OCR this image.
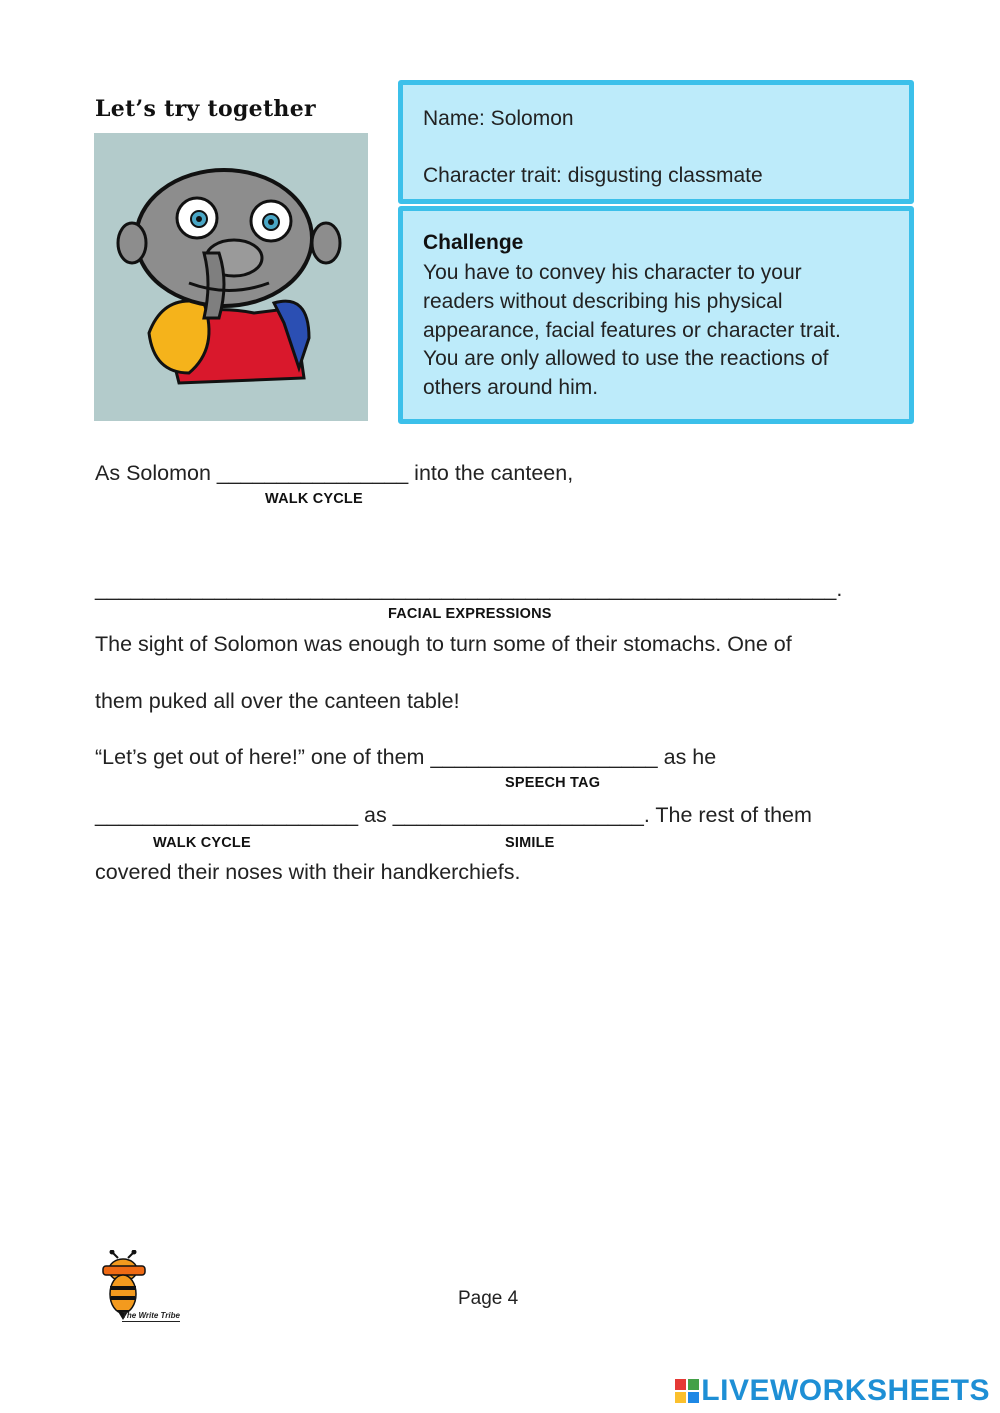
Let’s try together	Name: Solomon
Character trait: disgusting classmate
Challenge
You have to convey his character to your
readers without describing his physical
appearance, facial features or character trait.
You are only allowed to use the reactions of
others around him.
As Solomon ________________ into the canteen,
WALK CYCLE
______________________________________________________________.
FACIAL EXPRESSIONS
The sight of Solomon was enough to turn some of their stomachs. One of
them puked all over the canteen table!
“Let’s get out of here!” one of them ___________________ as he
SPEECH TAG
______________________ as _____________________. The rest of them
WALK CYCLE	SIMILE
covered their noses with their handkerchiefs.
The Write Tribe
Page 4
LIVEWORKSHEETS
